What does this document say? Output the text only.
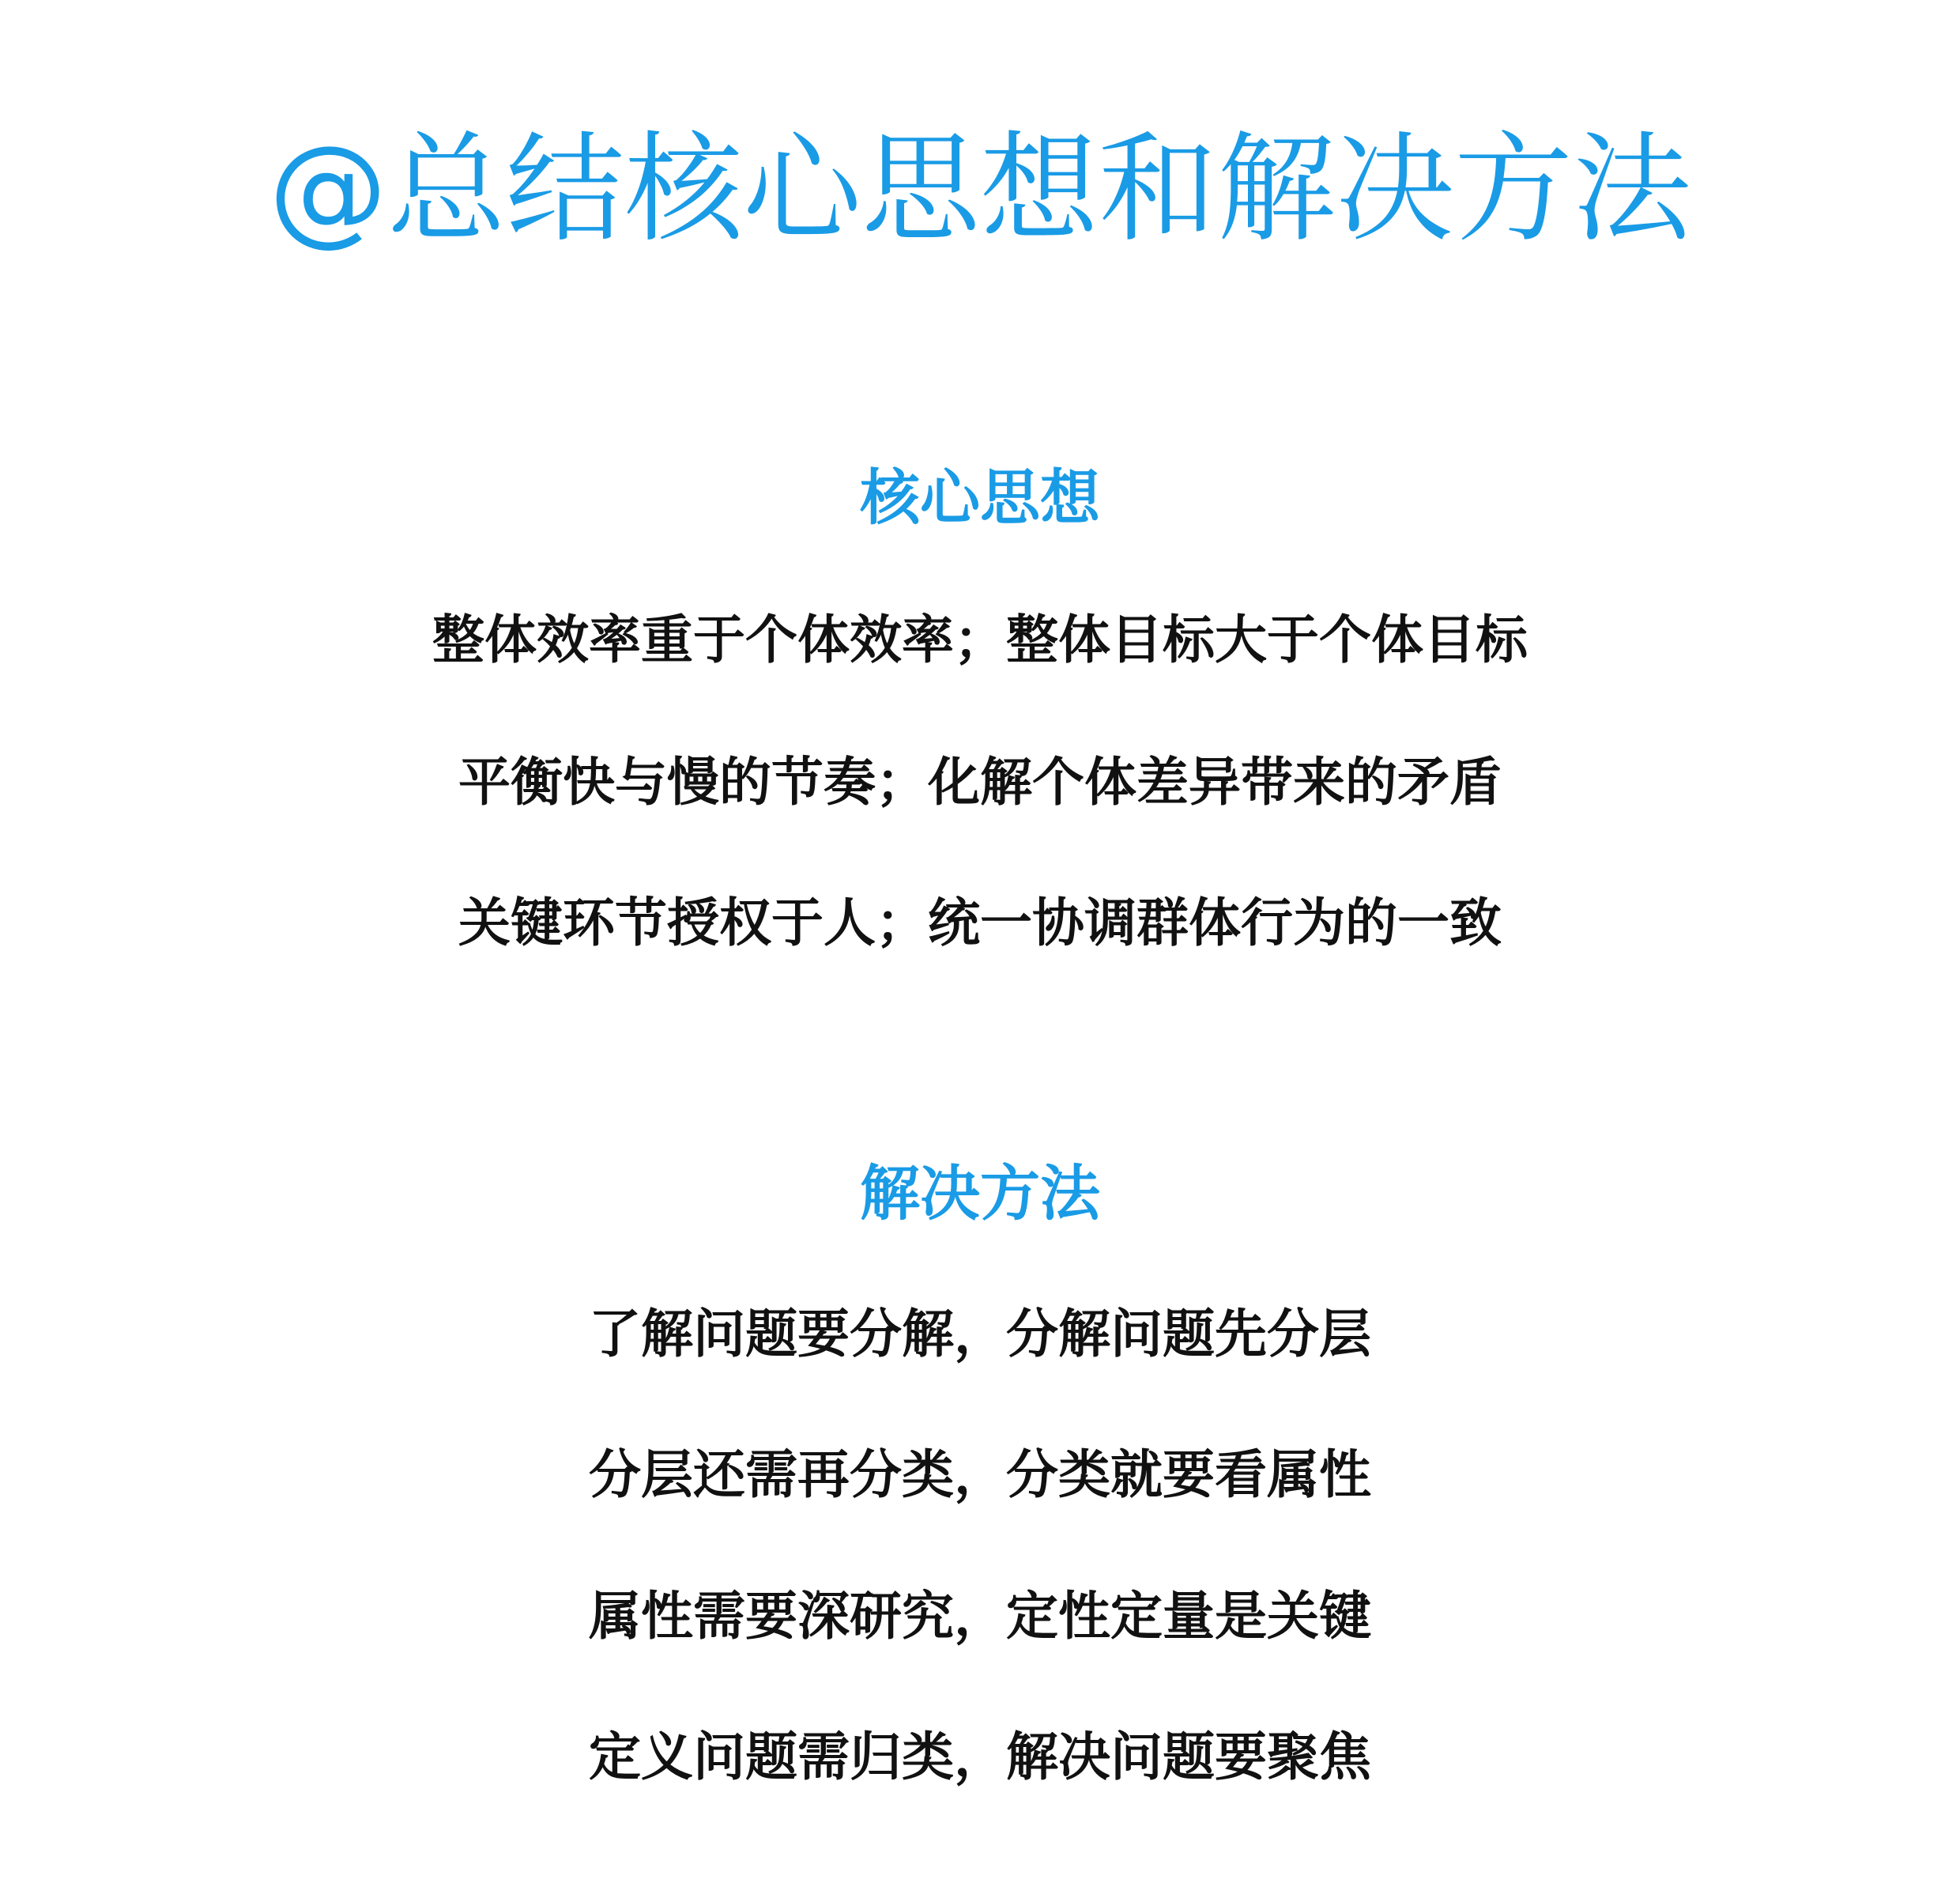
@总结核心思想和解决方法
核心思想
整体效率重于个体效率；整体目标大于个体目标
平衡快与慢的节奏；化解个体差异带来的矛盾
关键环节授权于人；统一协调群体行为的一致
解决方法
了解问题要分解，分解问题先分层
分层还需再分类，分类就要看属性
属性需要深研究，定性定量是关键
定义问题需归类，解决问题要聚焦
